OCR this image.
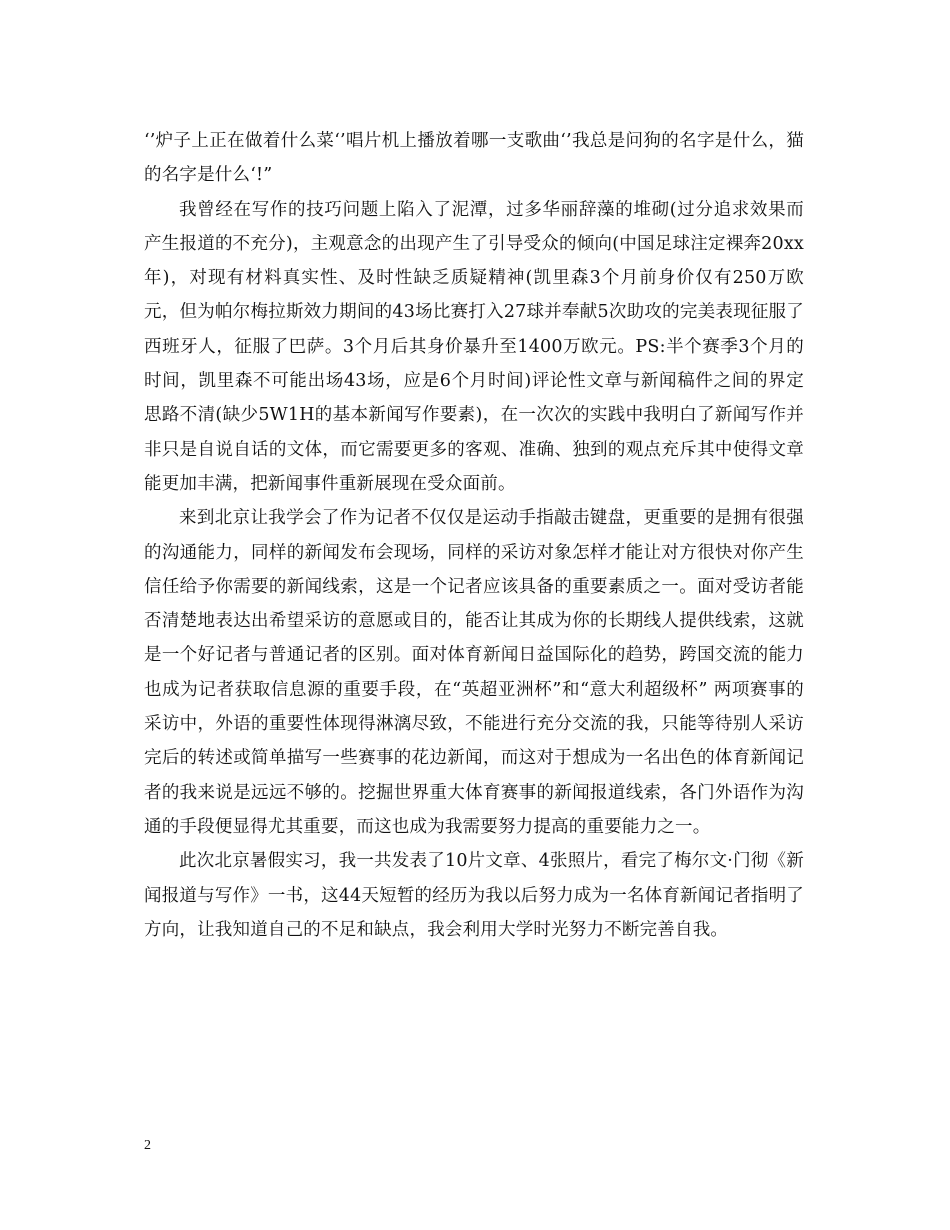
‘’炉子上正在做着什么菜‘’唱片机上播放着哪一支歌曲‘’我总是问狗的名字是什么，猫的名字是什么‘!”

我曾经在写作的技巧问题上陷入了泥潭，过多华丽辞藻的堆砌(过分追求效果而产生报道的不充分)，主观意念的出现产生了引导受众的倾向(中国足球注定裸奔20xx年)，对现有材料真实性、及时性缺乏质疑精神(凯里森3个月前身价仅有250万欧元，但为帕尔梅拉斯效力期间的43场比赛打入27球并奉献5次助攻的完美表现征服了西班牙人，征服了巴萨。3个月后其身价暴升至1400万欧元。PS:半个赛季3个月的时间，凯里森不可能出场43场，应是6个月时间)评论性文章与新闻稿件之间的界定思路不清(缺少5W1H的基本新闻写作要素)，在一次次的实践中我明白了新闻写作并非只是自说自话的文体，而它需要更多的客观、准确、独到的观点充斥其中使得文章能更加丰满，把新闻事件重新展现在受众面前。

来到北京让我学会了作为记者不仅仅是运动手指敲击键盘，更重要的是拥有很强的沟通能力，同样的新闻发布会现场，同样的采访对象怎样才能让对方很快对你产生信任给予你需要的新闻线索，这是一个记者应该具备的重要素质之一。面对受访者能否清楚地表达出希望采访的意愿或目的，能否让其成为你的长期线人提供线索，这就是一个好记者与普通记者的区别。面对体育新闻日益国际化的趋势，跨国交流的能力也成为记者获取信息源的重要手段，在“英超亚洲杯”和“意大利超级杯” 两项赛事的采访中，外语的重要性体现得淋漓尽致，不能进行充分交流的我，只能等待别人采访完后的转述或简单描写一些赛事的花边新闻，而这对于想成为一名出色的体育新闻记者的我来说是远远不够的。挖掘世界重大体育赛事的新闻报道线索，各门外语作为沟通的手段便显得尤其重要，而这也成为我需要努力提高的重要能力之一。

此次北京暑假实习，我一共发表了10片文章、4张照片，看完了梅尔文·门彻《新闻报道与写作》一书，这44天短暂的经历为我以后努力成为一名体育新闻记者指明了方向，让我知道自己的不足和缺点，我会利用大学时光努力不断完善自我。

2
